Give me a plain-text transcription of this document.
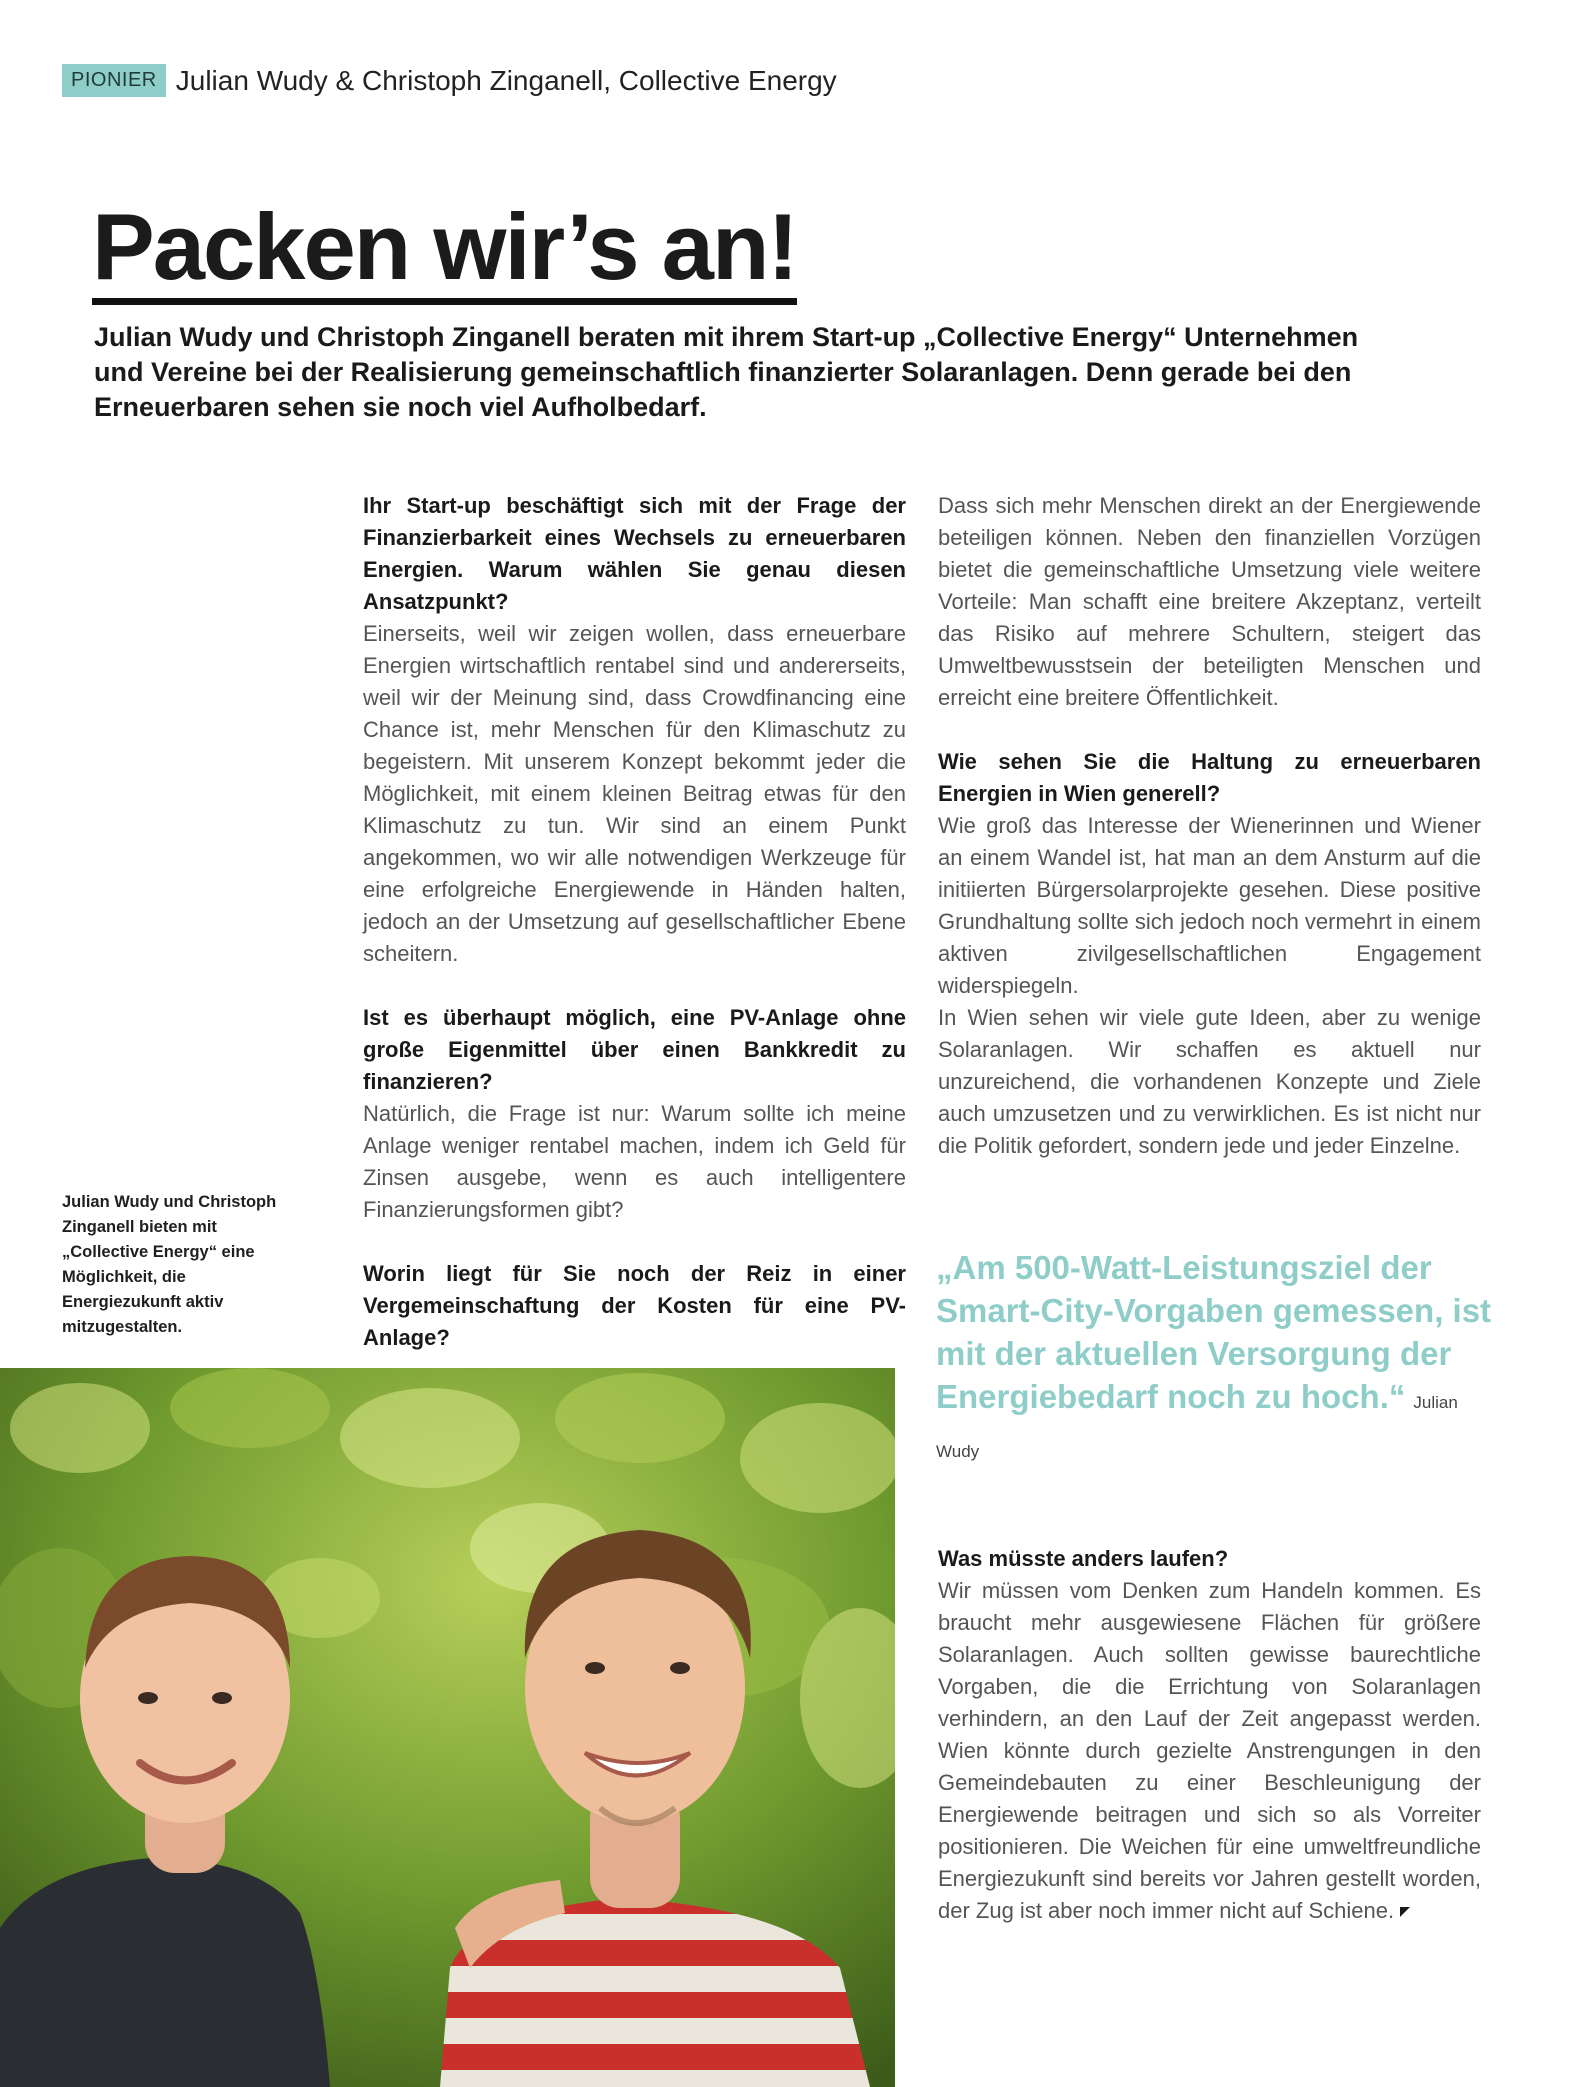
PIONIER Julian Wudy & Christoph Zinganell, Collective Energy
Packen wir’s an!

Julian Wudy und Christoph Zinganell beraten mit ihrem Start-up „Collective Energy“ Unternehmen und Vereine bei der Realisierung gemeinschaftlich finanzierter Solaranlagen. Denn gerade bei den Erneuerbaren sehen sie noch viel Aufholbedarf.

Ihr Start-up beschäftigt sich mit der Frage der Finanzierbarkeit eines Wechsels zu erneuerbaren Energien. Warum wählen Sie genau diesen Ansatzpunkt?

Einerseits, weil wir zeigen wollen, dass erneuerbare Energien wirtschaftlich rentabel sind und andererseits, weil wir der Meinung sind, dass Crowdfinancing eine Chance ist, mehr Menschen für den Klimaschutz zu begeistern. Mit unserem Konzept bekommt jeder die Möglichkeit, mit einem kleinen Beitrag etwas für den Klimaschutz zu tun. Wir sind an einem Punkt angekommen, wo wir alle notwendigen Werkzeuge für eine erfolgreiche Energiewende in Händen halten, jedoch an der Umsetzung auf gesellschaftlicher Ebene scheitern.

Ist es überhaupt möglich, eine PV-Anlage ohne große Eigenmittel über einen Bankkredit zu finanzieren?

Natürlich, die Frage ist nur: Warum sollte ich meine Anlage weniger rentabel machen, indem ich Geld für Zinsen ausgebe, wenn es auch intelligentere Finanzierungsformen gibt?

Worin liegt für Sie noch der Reiz in einer Vergemeinschaftung der Kosten für eine PV-Anlage?

Dass sich mehr Menschen direkt an der Energiewende beteiligen können. Neben den finanziellen Vorzügen bietet die gemeinschaftliche Umsetzung viele weitere Vorteile: Man schafft eine breitere Akzeptanz, verteilt das Risiko auf mehrere Schultern, steigert das Umweltbewusstsein der beteiligten Menschen und erreicht eine breitere Öffentlichkeit.

Wie sehen Sie die Haltung zu erneuerbaren Energien in Wien generell?

Wie groß das Interesse der Wienerinnen und Wiener an einem Wandel ist, hat man an dem Ansturm auf die initiierten Bürgersolarprojekte gesehen. Diese positive Grundhaltung sollte sich jedoch noch vermehrt in einem aktiven zivilgesellschaftlichen Engagement widerspiegeln.

In Wien sehen wir viele gute Ideen, aber zu wenige Solaranlagen. Wir schaffen es aktuell nur unzureichend, die vorhandenen Konzepte und Ziele auch umzusetzen und zu verwirklichen. Es ist nicht nur die Politik gefordert, sondern jede und jeder Einzelne.

Julian Wudy und Christoph Zinganell bieten mit „Collective Energy“ eine Möglichkeit, die Energiezukunft aktiv mitzugestalten.

„Am 500-Watt-Leistungsziel der Smart-City-Vorgaben gemessen, ist mit der aktuellen Versorgung der Energiebedarf noch zu hoch.“ Julian Wudy

Was müsste anders laufen?

Wir müssen vom Denken zum Handeln kommen. Es braucht mehr ausgewiesene Flächen für größere Solaranlagen. Auch sollten gewisse baurechtliche Vorgaben, die die Errichtung von Solaranlagen verhindern, an den Lauf der Zeit angepasst werden. Wien könnte durch gezielte Anstrengungen in den Gemeindebauten zu einer Beschleunigung der Energiewende beitragen und sich so als Vorreiter positionieren. Die Weichen für eine umweltfreundliche Energiezukunft sind bereits vor Jahren gestellt worden, der Zug ist aber noch immer nicht auf Schiene.
